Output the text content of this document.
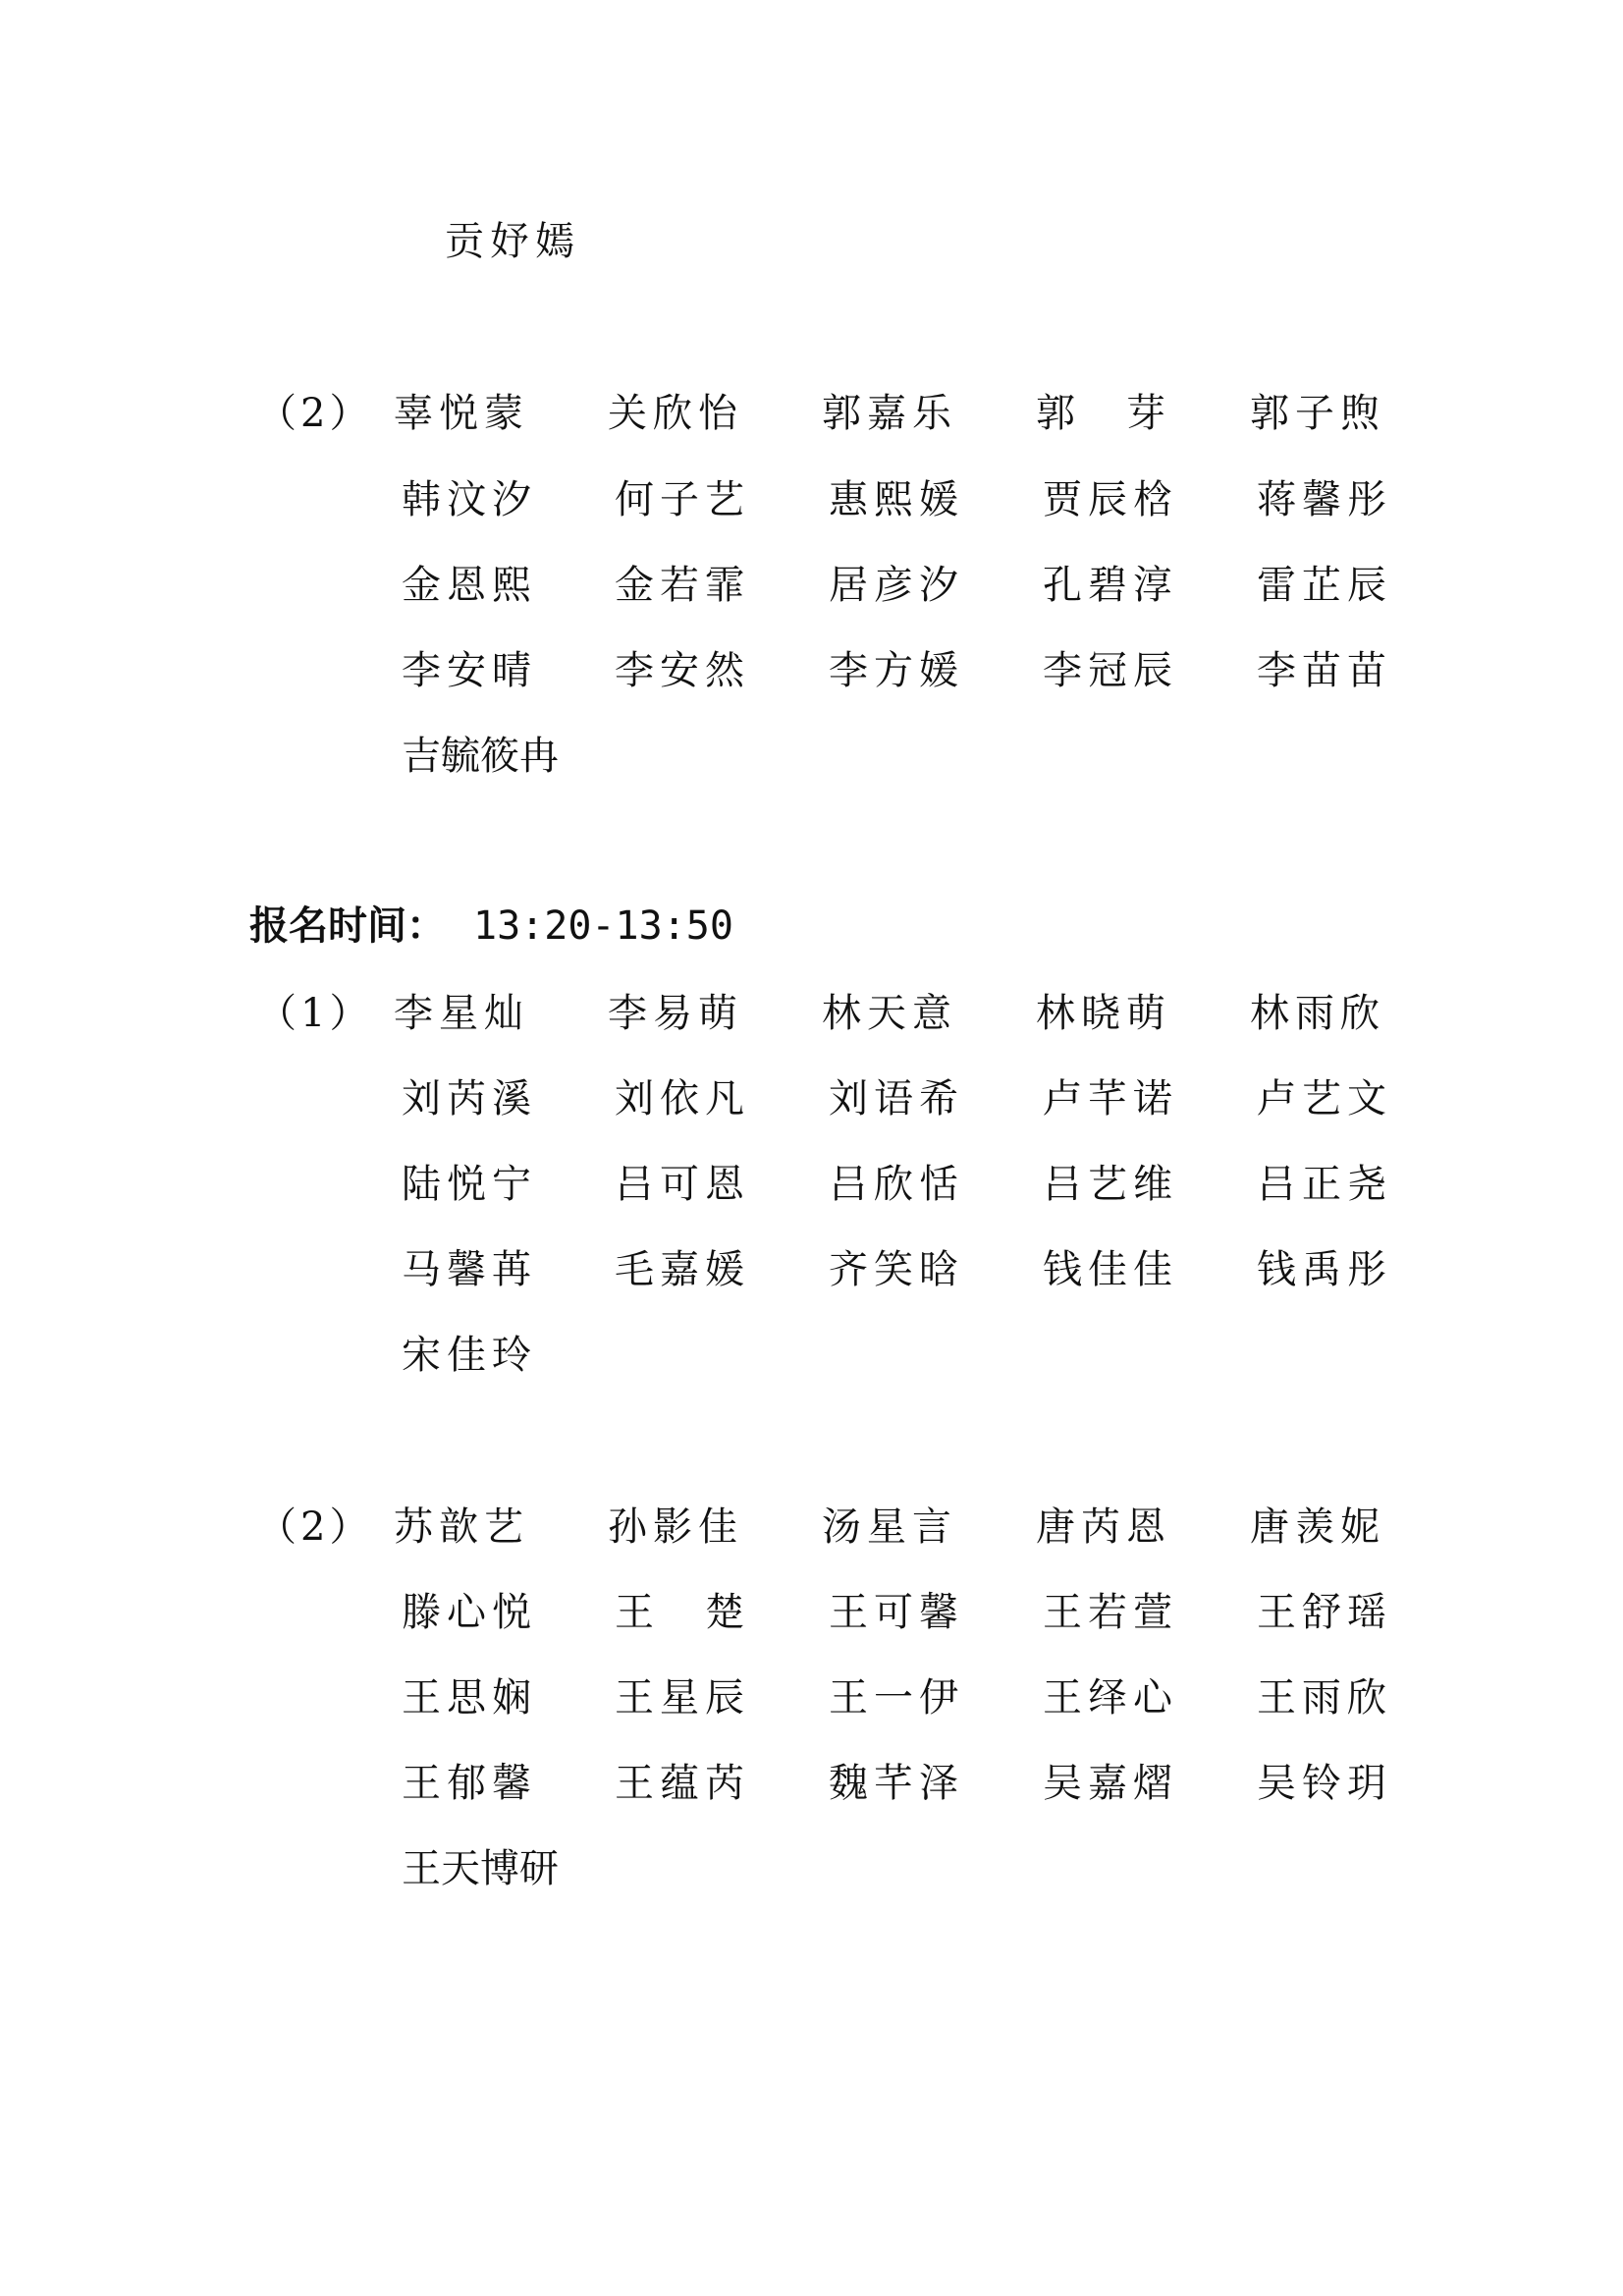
贡妤嫣
（2） 辜悦蒙 关欣怡 郭嘉乐 郭　芽 郭子煦
韩汶汐 何子艺 惠熙媛 贾辰梒 蒋馨彤
金恩熙 金若霏 居彦汐 孔碧淳 雷芷辰
李安晴 李安然 李方媛 李冠辰 李苗苗
吉毓筱冉
报名时间： 13:20-13:50
（1） 李星灿 李易萌 林天意 林晓萌 林雨欣
刘芮溪 刘依凡 刘语希 卢芊诺 卢艺文
陆悦宁 吕可恩 吕欣恬 吕艺维 吕正尧
马馨苒 毛嘉媛 齐笑晗 钱佳佳 钱禹彤
宋佳玲
（2） 苏歆艺 孙影佳 汤星言 唐芮恩 唐羡妮
滕心悦 王　楚 王可馨 王若萱 王舒瑶
王思娴 王星辰 王一伊 王绎心 王雨欣
王郁馨 王蕴芮 魏芊泽 吴嘉熠 吴铃玥
王天博研
